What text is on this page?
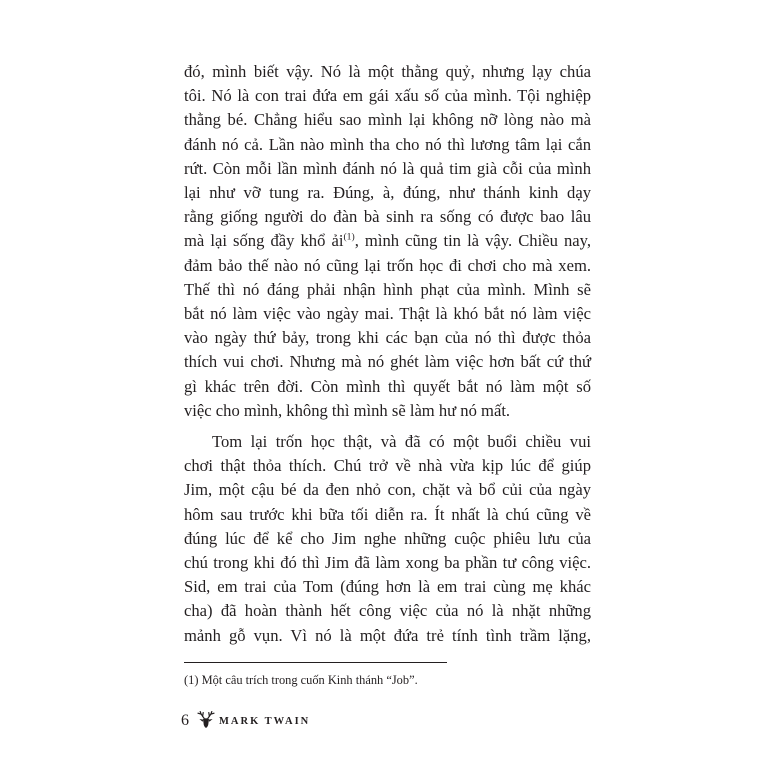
đó, mình biết vậy. Nó là một thằng quỷ, nhưng lạy chúa
tôi. Nó là con trai đứa em gái xấu số của mình. Tội nghiệp
thằng bé. Chẳng hiểu sao mình lại không nỡ lòng nào mà
đánh nó cả. Lần nào mình tha cho nó thì lương tâm lại cắn
rứt. Còn mỗi lần mình đánh nó là quả tim già cỗi của mình
lại như vỡ tung ra. Đúng, à, đúng, như thánh kinh dạy
rằng giống người do đàn bà sinh ra sống có được bao lâu
mà lại sống đầy khổ ải$^{(1)}$, mình cũng tin là vậy. Chiều nay,
đảm bảo thế nào nó cũng lại trốn học đi chơi cho mà xem.
Thế thì nó đáng phải nhận hình phạt của mình. Mình sẽ
bắt nó làm việc vào ngày mai. Thật là khó bắt nó làm việc
vào ngày thứ bảy, trong khi các bạn của nó thì được thỏa
thích vui chơi. Nhưng mà nó ghét làm việc hơn bất cứ thứ
gì khác trên đời. Còn mình thì quyết bắt nó làm một số
việc cho mình, không thì mình sẽ làm hư nó mất.
Tom lại trốn học thật, và đã có một buổi chiều vui
chơi thật thỏa thích. Chú trở về nhà vừa kịp lúc để giúp
Jim, một cậu bé da đen nhỏ con, chặt và bổ củi của ngày
hôm sau trước khi bữa tối diễn ra. Ít nhất là chú cũng về
đúng lúc để kể cho Jim nghe những cuộc phiêu lưu của
chú trong khi đó thì Jim đã làm xong ba phần tư công việc.
Sid, em trai của Tom (đúng hơn là em trai cùng mẹ khác
cha) đã hoàn thành hết công việc của nó là nhặt những
mảnh gỗ vụn. Vì nó là một đứa trẻ tính tình trầm lặng,
(1) Một câu trích trong cuốn Kinh thánh “Job”.
6	MARK TWAIN
